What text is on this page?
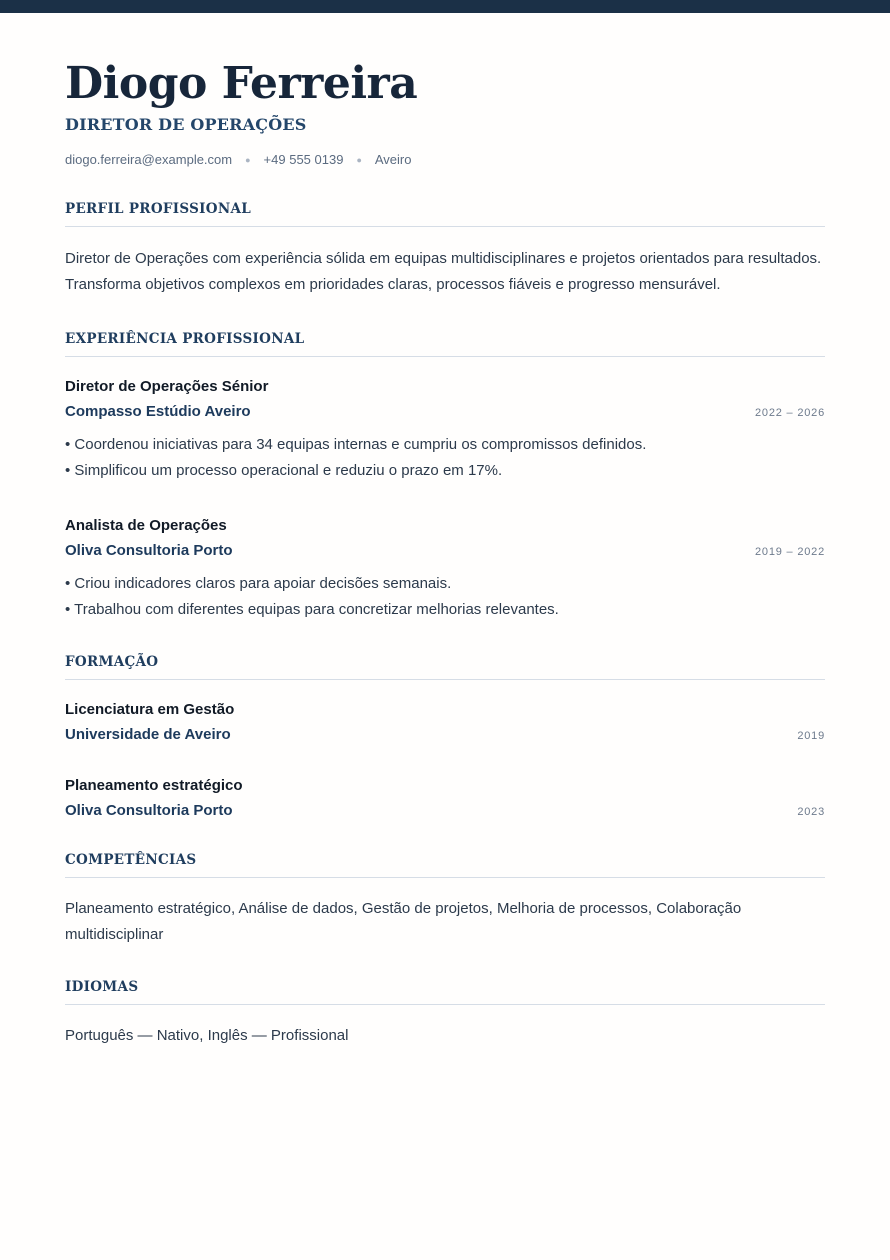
Diogo Ferreira
DIRETOR DE OPERAÇÕES
diogo.ferreira@example.com ● +49 555 0139 ● Aveiro
PERFIL PROFISSIONAL
Diretor de Operações com experiência sólida em equipas multidisciplinares e projetos orientados para resultados.
Transforma objetivos complexos em prioridades claras, processos fiáveis e progresso mensurável.
EXPERIÊNCIA PROFISSIONAL
Diretor de Operações Sénior
Compasso Estúdio Aveiro	2022 – 2026
• Coordenou iniciativas para 34 equipas internas e cumpriu os compromissos definidos.
• Simplificou um processo operacional e reduziu o prazo em 17%.
Analista de Operações
Oliva Consultoria Porto	2019 – 2022
• Criou indicadores claros para apoiar decisões semanais.
• Trabalhou com diferentes equipas para concretizar melhorias relevantes.
FORMAÇÃO
Licenciatura em Gestão
Universidade de Aveiro	2019
Planeamento estratégico
Oliva Consultoria Porto	2023
COMPETÊNCIAS
Planeamento estratégico, Análise de dados, Gestão de projetos, Melhoria de processos, Colaboração multidisciplinar
IDIOMAS
Português — Nativo, Inglês — Profissional
